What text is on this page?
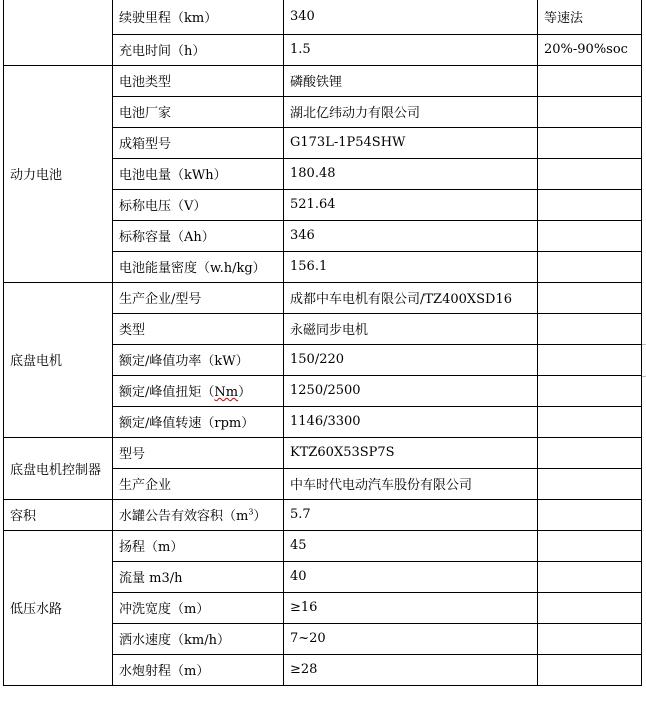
	续驶里程（km）	340	等速法
	充电时间（h）	1.5	20%-90%soc
动力电池	电池类型	磷酸铁锂	
	电池厂家	湖北亿纬动力有限公司	
	成箱型号	G173L-1P54SHW	
	电池电量（kWh）	180.48	
	标称电压（V）	521.64	
	标称容量（Ah）	346	
	电池能量密度（w.h/kg）	156.1	
底盘电机	生产企业/型号	成都中车电机有限公司/TZ400XSD16	
	类型	永磁同步电机	
	额定/峰值功率（kW）	150/220	
	额定/峰值扭矩（Nm）	1250/2500	
	额定/峰值转速（rpm）	1146/3300	
底盘电机控制器	型号	KTZ60X53SP7S	
	生产企业	中车时代电动汽车股份有限公司	
容积	水罐公告有效容积$(m^3)$	5.7	
低压水路	扬程（m）	45	
	流量 m3/h	40	
	冲洗宽度（m）	≥16	
	洒水速度（km/h）	7~20	
	水炮射程（m）	≥28	
